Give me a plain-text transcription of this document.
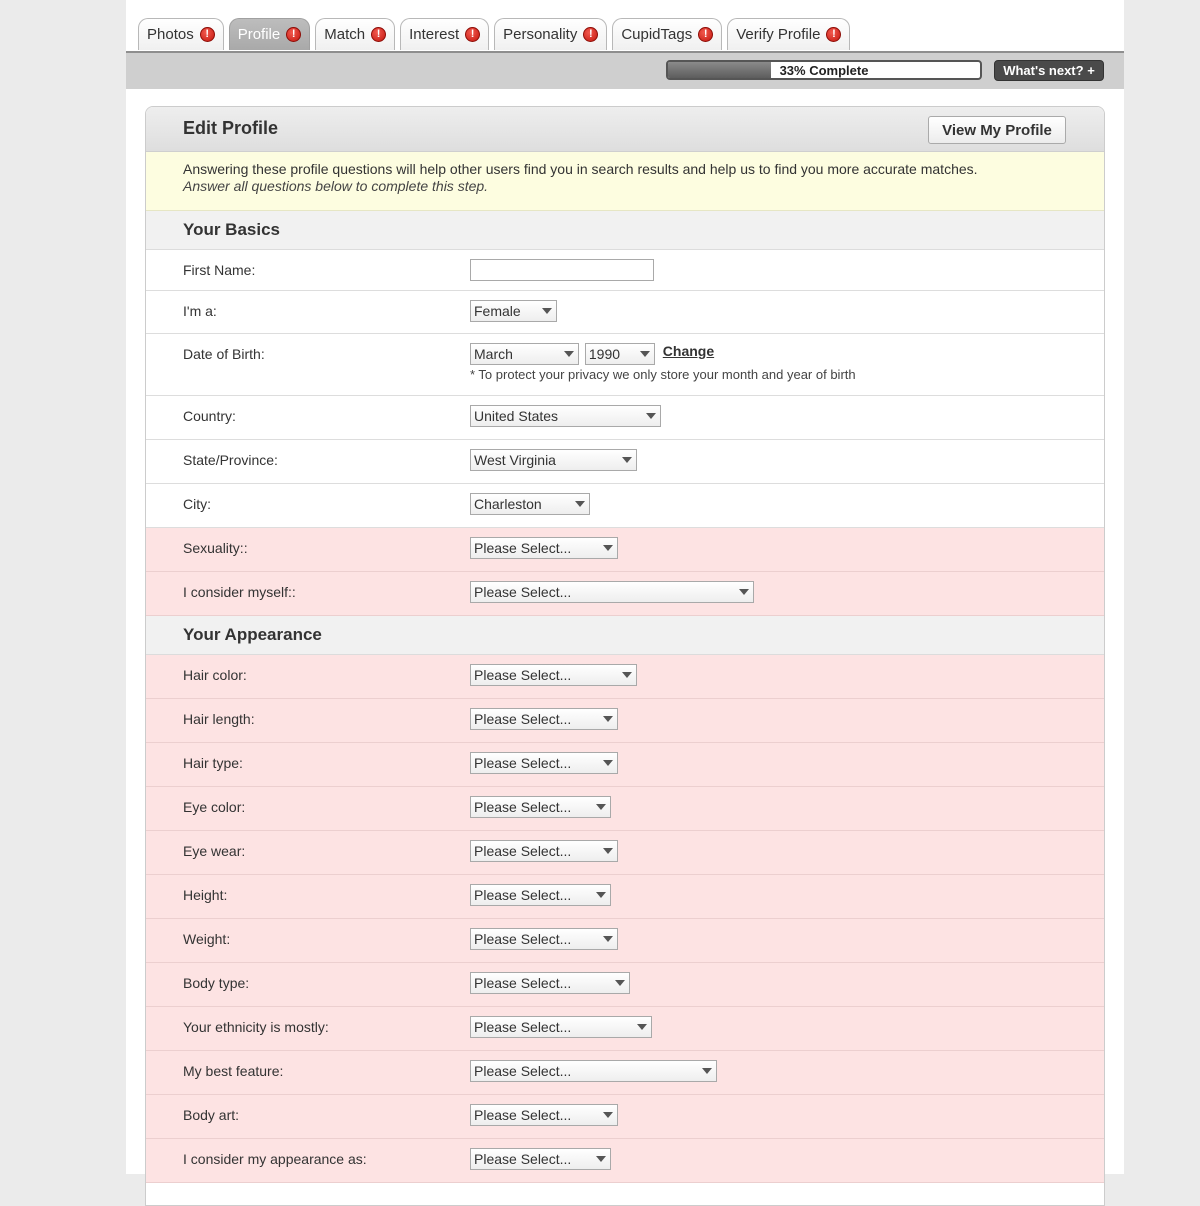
Photos	!	Profile	!	Match	!	Interest	!	Personality	!	CupidTags	!	Verify Profile	!
33% Complete	What's next? +
Edit Profile	View My Profile
Answering these profile questions will help other users find you in search results and help us to find you more accurate matches.
Answer all questions below to complete this step.
Your Basics
First Name:
I'm a:	Female
Date of Birth:	March
	1990	Change
* To protect your privacy we only store your month and year of birth
Country:	United States
State/Province:	West Virginia
City:	Charleston
Sexuality::	Please Select...
I consider myself::	Please Select...
Your Appearance
Hair color:	Please Select...
Hair length:	Please Select...
Hair type:	Please Select...
Eye color:	Please Select...
Eye wear:	Please Select...
Height:	Please Select...
Weight:	Please Select...
Body type:	Please Select...
Your ethnicity is mostly:	Please Select...
My best feature:	Please Select...
Body art:	Please Select...
I consider my appearance as:	Please Select...
